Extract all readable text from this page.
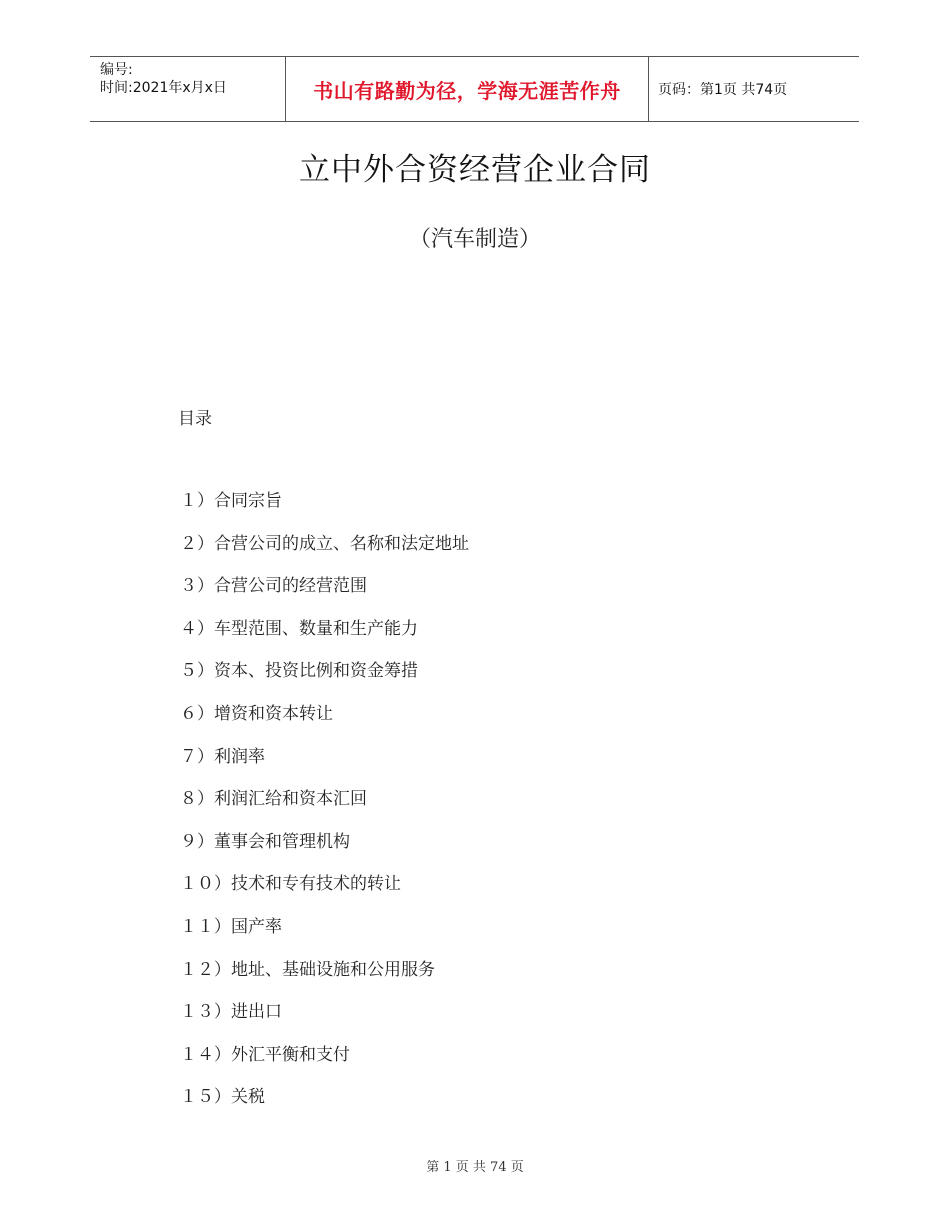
编号:
时间:2021年x月x日	书山有路勤为径，学海无涯苦作舟	页码：第1页 共74页
立中外合资经营企业合同
（汽车制造）
目录
１）合同宗旨
２）合营公司的成立、名称和法定地址
３）合营公司的经营范围
４）车型范围、数量和生产能力
５）资本、投资比例和资金筹措
６）增资和资本转让
７）利润率
８）利润汇给和资本汇回
９）董事会和管理机构
１０）技术和专有技术的转让
１１）国产率
１２）地址、基础设施和公用服务
１３）进出口
１４）外汇平衡和支付
１５）关税
第 1 页 共 74 页
